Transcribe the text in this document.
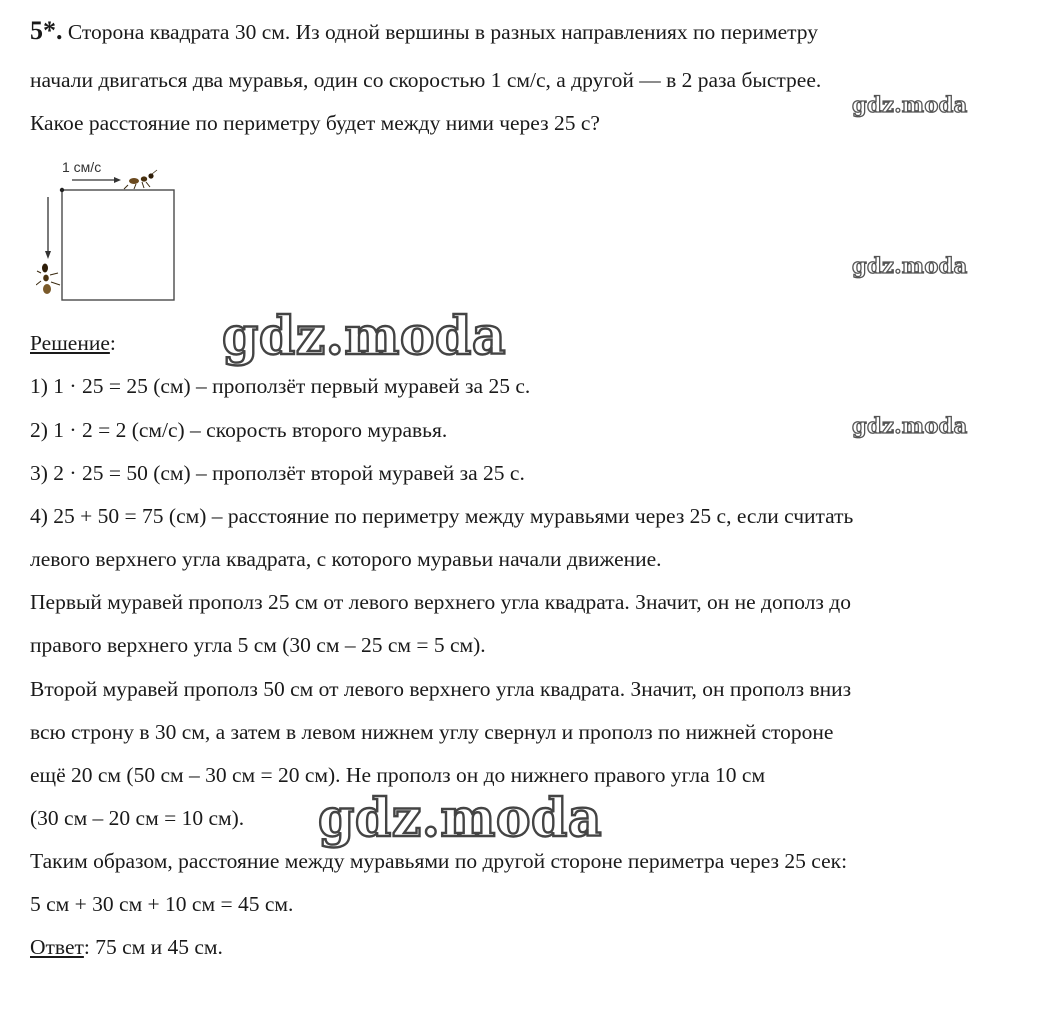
5*. Сторона квадрата 30 см. Из одной вершины в разных направлениях по периметру
начали двигаться два муравья, один со скоростью 1 см/с, а другой — в 2 раза быстрее.
Какое расстояние по периметру будет между ними через 25 с?
1 см/с
Решение:
1) 1 · 25 = 25 (см) – проползёт первый муравей за 25 с.
2) 1 · 2 = 2 (см/с) – скорость второго муравья.
3) 2 · 25 = 50 (см) – проползёт второй муравей за 25 с.
4) 25 + 50 = 75 (см) – расстояние по периметру между муравьями через 25 с, если считать
левого верхнего угла квадрата, с которого муравьи начали движение.
Первый муравей прополз 25 см от левого верхнего угла квадрата. Значит, он не дополз до
правого верхнего угла 5 см (30 см – 25 см = 5 см).
Второй муравей прополз 50 см от левого верхнего угла квадрата. Значит, он прополз вниз
всю строну в 30 см, а затем в левом нижнем углу свернул и прополз по нижней стороне
ещё 20 см (50 см – 30 см = 20 см). Не прополз он до нижнего правого угла 10 см
(30 см – 20 см = 10 см).
Таким образом, расстояние между муравьями по другой стороне периметра через 25 сек:
5 см + 30 см + 10 см = 45 см.
Ответ: 75 см и 45 см.
gdz.moda
gdz.moda
gdz.moda
gdz.moda
gdz.moda
